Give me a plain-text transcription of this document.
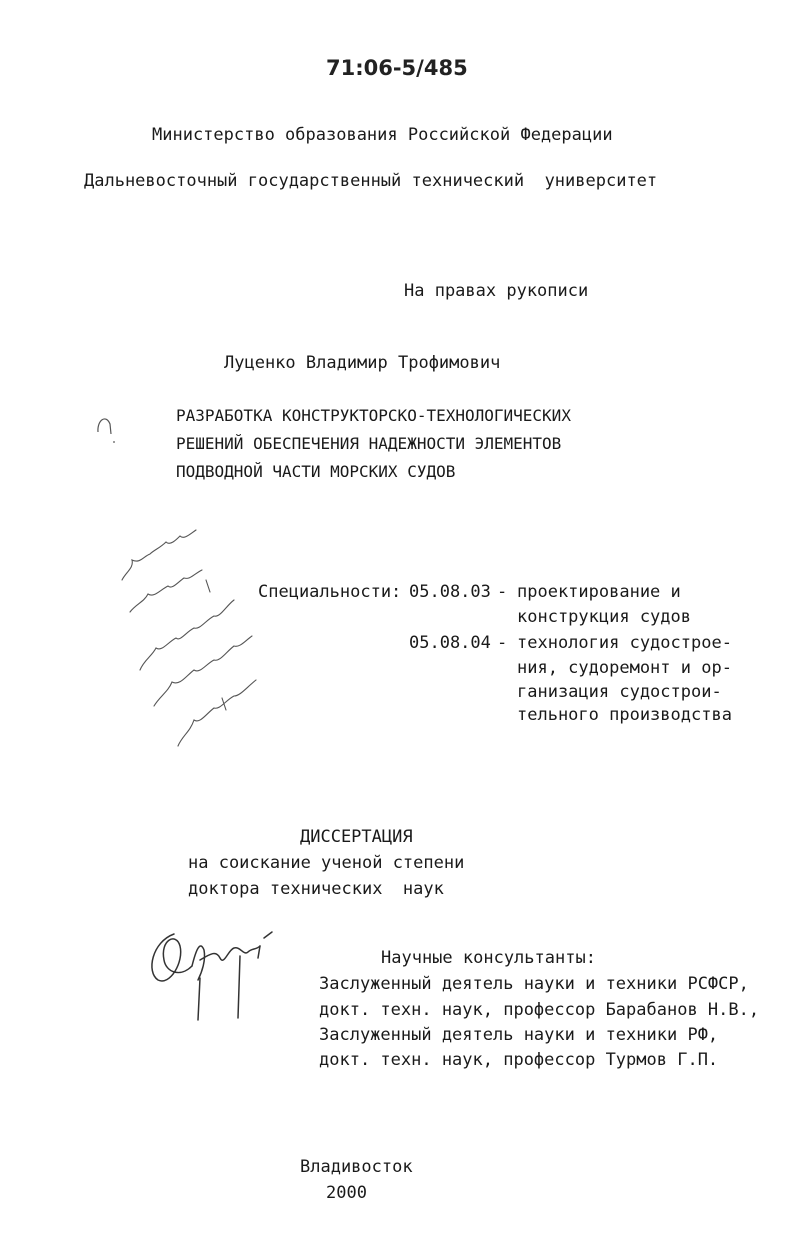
71:06-5/485
Министерство образования Российской Федерации
Дальневосточный государственный технический  университет
На правах рукописи
Луценко Владимир Трофимович
РАЗРАБОТКА КОНСТРУКТОРСКО-ТЕХНОЛОГИЧЕСКИХ
РЕШЕНИЙ ОБЕСПЕЧЕНИЯ НАДЕЖНОСТИ ЭЛЕМЕНТОВ
ПОДВОДНОЙ ЧАСТИ МОРСКИХ СУДОВ
Специальности: 05.08.03 - проектирование и
конструкция судов
05.08.04 - технология судострое-
ния, судоремонт и ор-
ганизация судострои-
тельного производства
ДИССЕРТАЦИЯ
на соискание ученой степени
доктора технических  наук
Научные консультанты:
Заслуженный деятель науки и техники РСФСР,
докт. техн. наук, профессор Барабанов Н.В.,
Заслуженный деятель науки и техники РФ,
докт. техн. наук, профессор Турмов Г.П.
Владивосток
2000
